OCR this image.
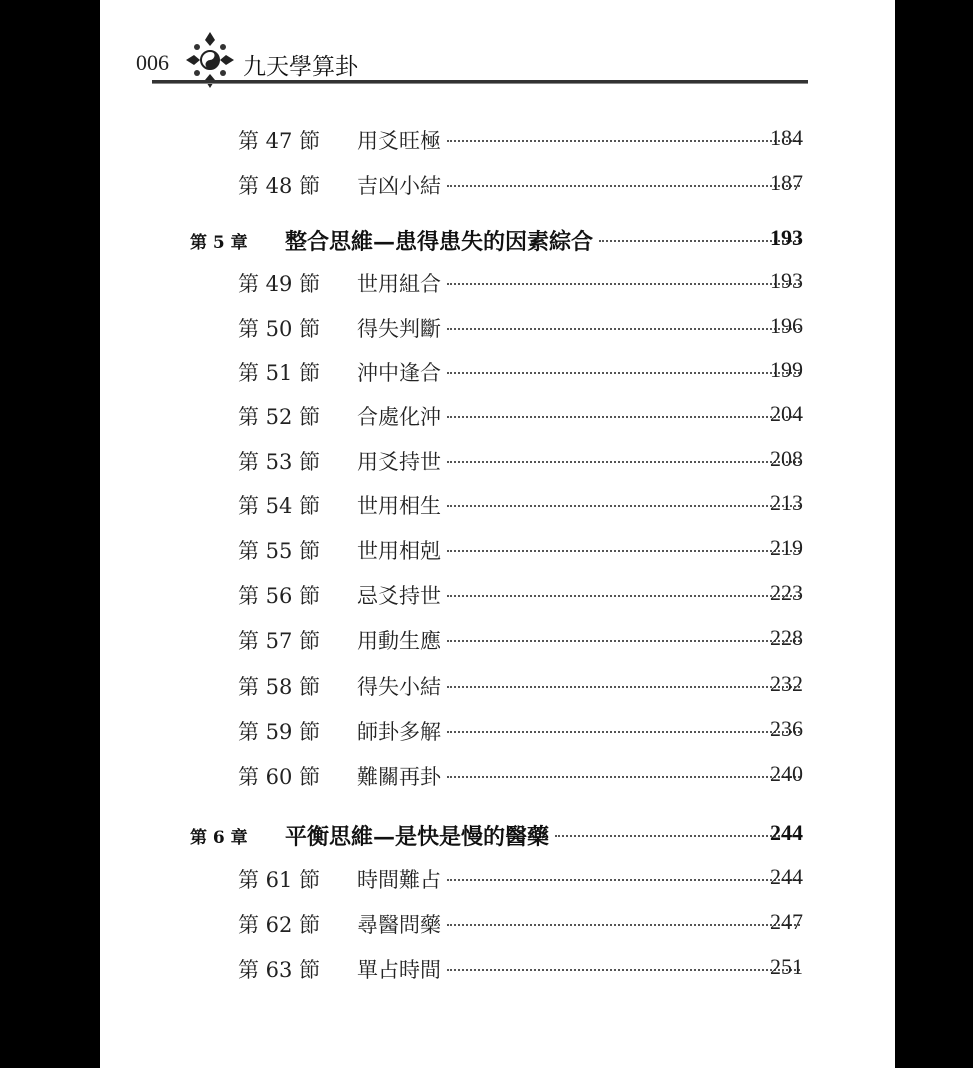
006	九天學算卦
第 47 節 用爻旺極	184
第 48 節 吉凶小結	187
第 5 章 整合思維—患得患失的因素綜合	193
第 49 節 世用組合	193
第 50 節 得失判斷	196
第 51 節 沖中逢合	199
第 52 節 合處化沖	204
第 53 節 用爻持世	208
第 54 節 世用相生	213
第 55 節 世用相剋	219
第 56 節 忌爻持世	223
第 57 節 用動生應	228
第 58 節 得失小結	232
第 59 節 師卦多解	236
第 60 節 難關再卦	240
第 6 章 平衡思維—是快是慢的醫藥	244
第 61 節 時間難占	244
第 62 節 尋醫問藥	247
第 63 節 單占時間	251
